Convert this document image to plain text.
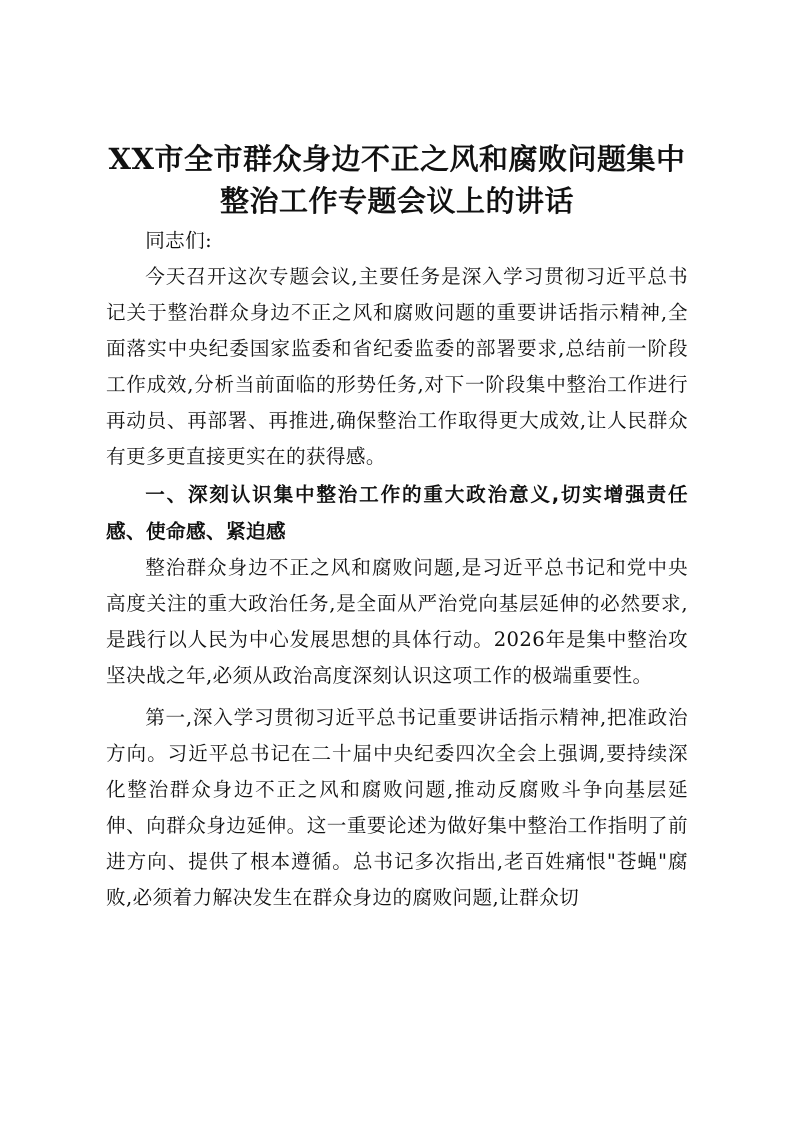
XX市全市群众身边不正之风和腐败问题集中
整治工作专题会议上的讲话

同志们:

今天召开这次专题会议,主要任务是深入学习贯彻习近平总书记关于整治群众身边不正之风和腐败问题的重要讲话指示精神,全面落实中央纪委国家监委和省纪委监委的部署要求,总结前一阶段工作成效,分析当前面临的形势任务,对下一阶段集中整治工作进行再动员、再部署、再推进,确保整治工作取得更大成效,让人民群众有更多更直接更实在的获得感。

一、深刻认识集中整治工作的重大政治意义,切实增强责任感、使命感、紧迫感

整治群众身边不正之风和腐败问题,是习近平总书记和党中央高度关注的重大政治任务,是全面从严治党向基层延伸的必然要求,是践行以人民为中心发展思想的具体行动。2026年是集中整治攻坚决战之年,必须从政治高度深刻认识这项工作的极端重要性。

第一,深入学习贯彻习近平总书记重要讲话指示精神,把准政治方向。习近平总书记在二十届中央纪委四次全会上强调,要持续深化整治群众身边不正之风和腐败问题,推动反腐败斗争向基层延伸、向群众身边延伸。这一重要论述为做好集中整治工作指明了前进方向、提供了根本遵循。总书记多次指出,老百姓痛恨"苍蝇"腐败,必须着力解决发生在群众身边的腐败问题,让群众切
